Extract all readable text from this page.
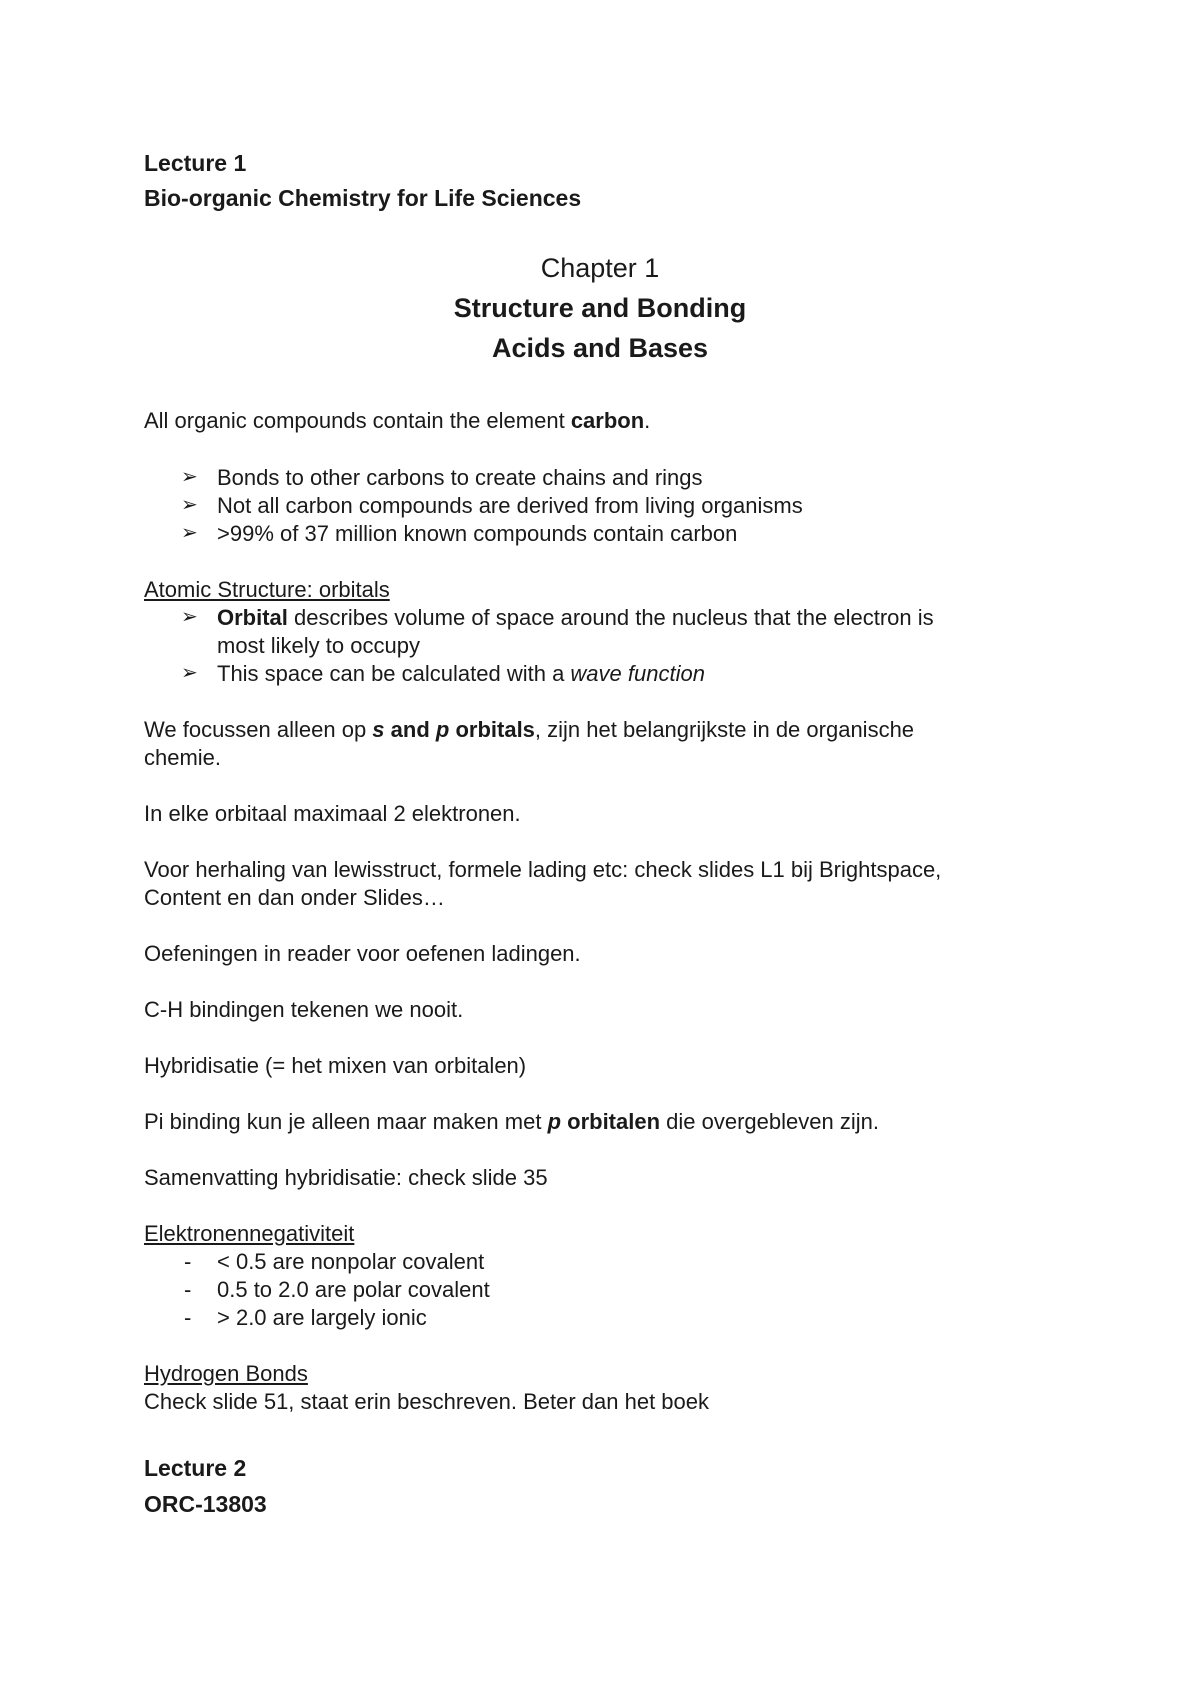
Lecture 1
Bio-organic Chemistry for Life Sciences
Chapter 1
Structure and Bonding
Acids and Bases
All organic compounds contain the element carbon.
➢ Bonds to other carbons to create chains and rings
➢ Not all carbon compounds are derived from living organisms
➢ >99% of 37 million known compounds contain carbon
Atomic Structure: orbitals
➢ Orbital describes volume of space around the nucleus that the electron is
most likely to occupy
➢ This space can be calculated with a wave function
We focussen alleen op s and p orbitals, zijn het belangrijkste in de organische
chemie.
In elke orbitaal maximaal 2 elektronen.
Voor herhaling van lewisstruct, formele lading etc: check slides L1 bij Brightspace,
Content en dan onder Slides…
Oefeningen in reader voor oefenen ladingen.
C-H bindingen tekenen we nooit.
Hybridisatie (= het mixen van orbitalen)
Pi binding kun je alleen maar maken met p orbitalen die overgebleven zijn.
Samenvatting hybridisatie: check slide 35
Elektronennegativiteit
- < 0.5 are nonpolar covalent
- 0.5 to 2.0 are polar covalent
- > 2.0 are largely ionic
Hydrogen Bonds
Check slide 51, staat erin beschreven. Beter dan het boek
Lecture 2
ORC-13803
